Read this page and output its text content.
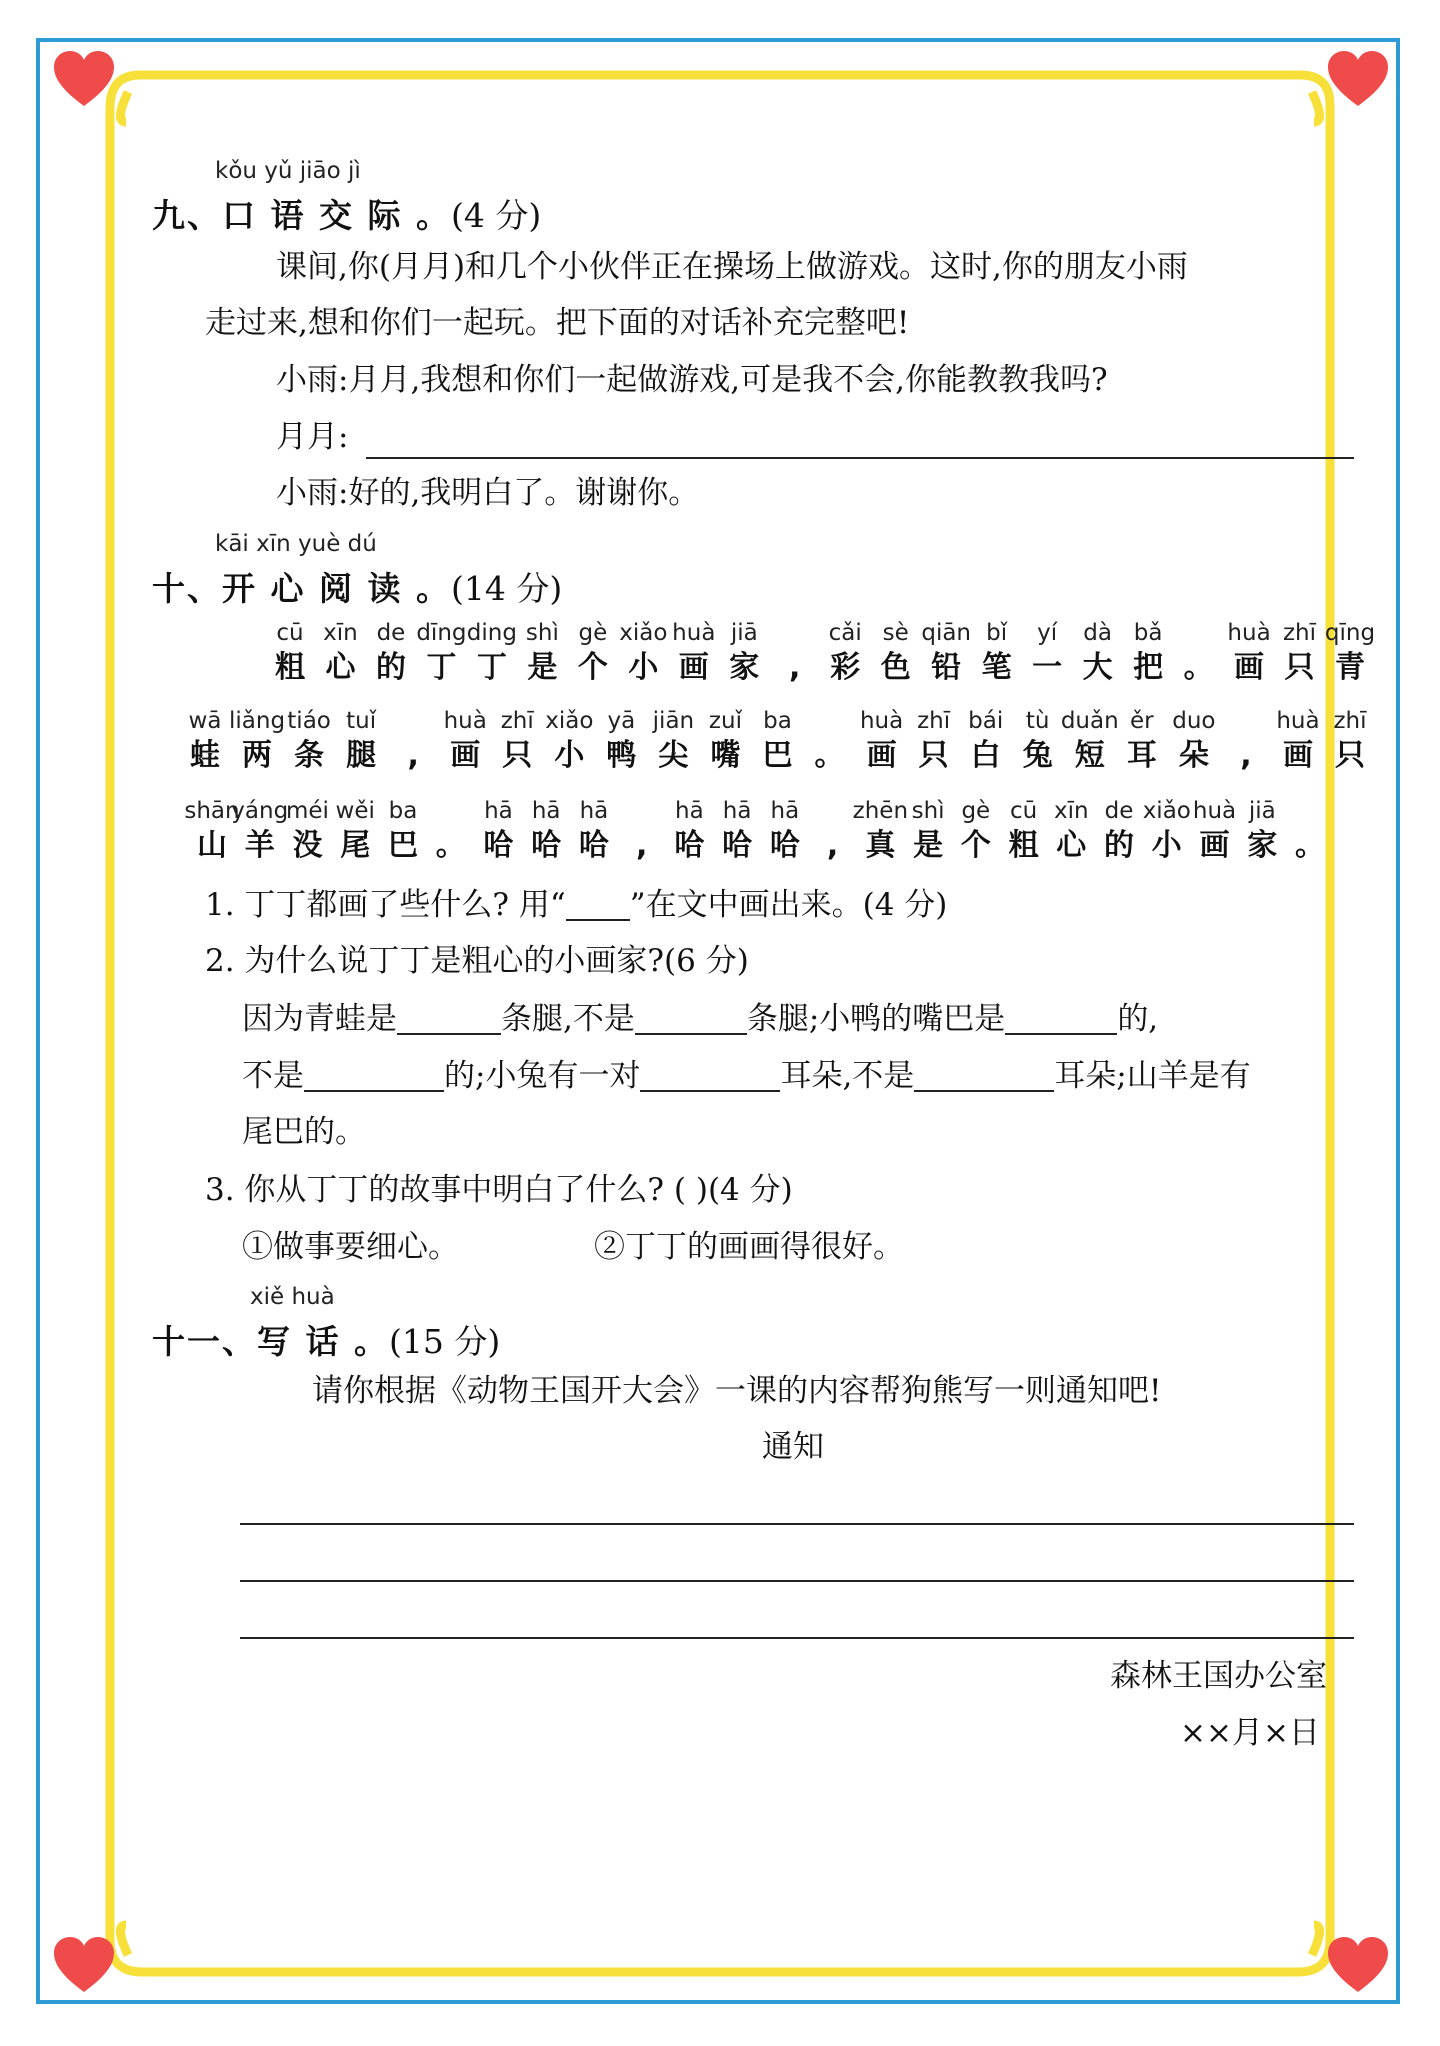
kǒu yǔ jiāo jì
九、口 语 交 际 。(4 分)
课间,你(月月)和几个小伙伴正在操场上做游戏。这时,你的朋友小雨
走过来,想和你们一起玩。把下面的对话补充完整吧!
小雨:月月,我想和你们一起做游戏,可是我不会,你能教教我吗?
月月:
小雨:好的,我明白了。谢谢你。
kāi xīn yuè dú
十、开 心 阅 读 。(14 分)
cū
粗
xīn
心
de
的
dīng
丁
ding
丁
shì
是
gè
个
xiǎo
小
huà
画
jiā
家 ,
cǎi
彩
sè
色
qiān
铅
bǐ
笔
yí
一
dà
大
bǎ
把 。
huà
画
zhī
只
qīng
青
wā
蛙
liǎng
两
tiáo
条
tuǐ
腿	,
huà
画
zhī
只
xiǎo
小
yā
鸭
jiān
尖
zuǐ
嘴
ba
巴 。
huà
画
zhī
只
bái
白
tù
兔
duǎn
短
ěr
耳
duo
朵	,
huà
画
zhī
只
shān
山
yáng
羊
méi
没
wěi
尾
ba
巴 。
hā
哈
hā
哈
hā
哈 ,
hā
哈
hā
哈
hā
哈 ,
zhēn
真
shì
是
gè
个
cū
粗
xīn
心
de
的
xiǎo
小
huà
画
jiā
家 。
1. 丁丁都画了些什么? 用“ ”在文中画出来。(4 分)
2. 为什么说丁丁是粗心的小画家?(6 分)
因为青蛙是	条腿,不是	条腿;小鸭的嘴巴是	的,
不是	的;小兔有一对	耳朵,不是	耳朵;山羊是有
尾巴的。
3. 你从丁丁的故事中明白了什么? ( )(4 分)
①做事要细心。	②丁丁的画画得很好。
xiě huà
十一、写 话 。(15 分)
请你根据《动物王国开大会》一课的内容帮狗熊写一则通知吧!
通知
森林王国办公室
××月×日
